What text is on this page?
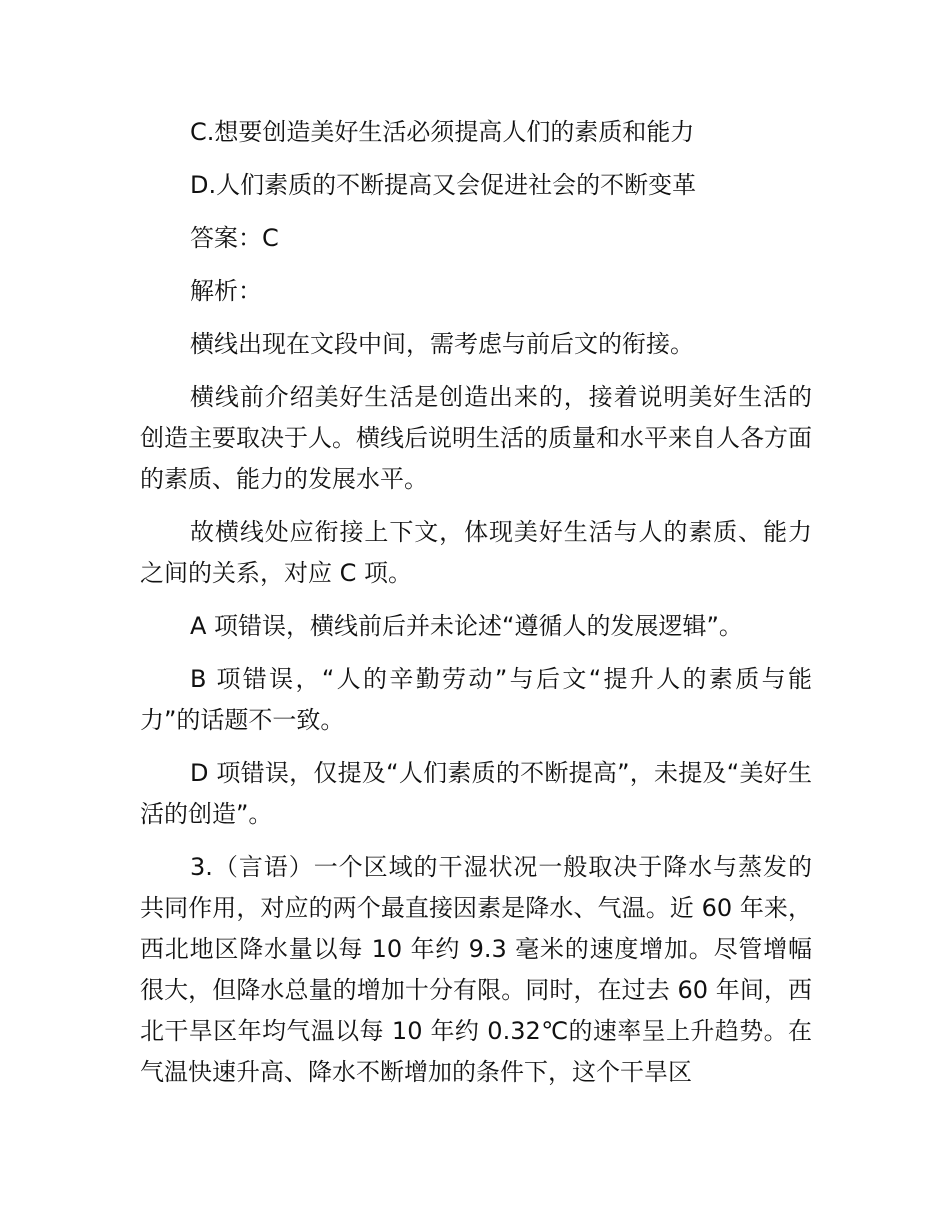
C.想要创造美好生活必须提高人们的素质和能力

D.人们素质的不断提高又会促进社会的不断变革

答案：C

解析：

横线出现在文段中间，需考虑与前后文的衔接。

横线前介绍美好生活是创造出来的，接着说明美好生活的创造主要取决于人。横线后说明生活的质量和水平来自人各方面的素质、能力的发展水平。

故横线处应衔接上下文，体现美好生活与人的素质、能力之间的关系，对应 C 项。

A 项错误，横线前后并未论述“遵循人的发展逻辑”。

B 项错误，“人的辛勤劳动”与后文“提升人的素质与能力”的话题不一致。

D 项错误，仅提及“人们素质的不断提高”，未提及“美好生活的创造”。

3.（言语）一个区域的干湿状况一般取决于降水与蒸发的共同作用，对应的两个最直接因素是降水、气温。近 60 年来，西北地区降水量以每 10 年约 9.3 毫米的速度增加。尽管增幅很大，但降水总量的增加十分有限。同时，在过去 60 年间，西北干旱区年均气温以每 10 年约 0.32℃的速率呈上升趋势。在气温快速升高、降水不断增加的条件下，这个干旱区
